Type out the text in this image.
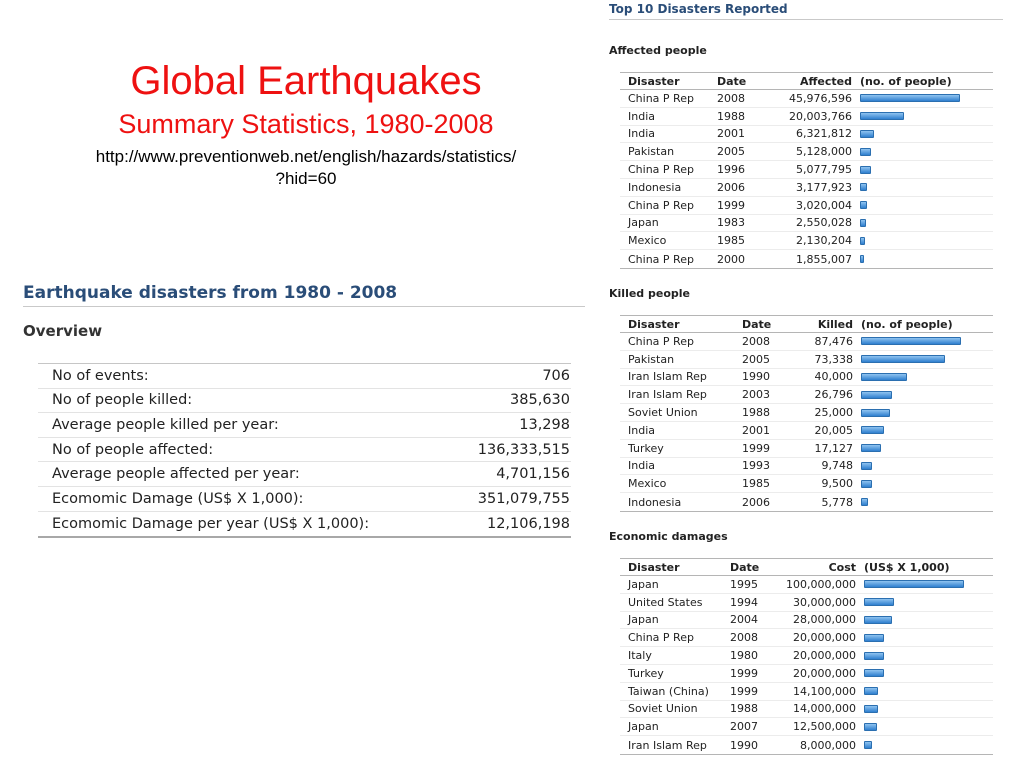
Global Earthquakes
Summary Statistics, 1980-2008
http://www.preventionweb.net/english/hazards/statistics/
?hid=60
Earthquake disasters from 1980 - 2008
Overview
No of events:	706
No of people killed:	385,630
Average people killed per year:	13,298
No of people affected:	136,333,515
Average people affected per year:	4,701,156
Ecomomic Damage (US$ X 1,000):	351,079,755
Ecomomic Damage per year (US$ X 1,000):	12,106,198
Top 10 Disasters Reported
Affected people
Disaster	Date	Affected (no. of people)
China P Rep	2008	45,976,596
India	1988	20,003,766
India	2001	6,321,812
Pakistan	2005	5,128,000
China P Rep	1996	5,077,795
Indonesia	2006	3,177,923
China P Rep	1999	3,020,004
Japan	1983	2,550,028
Mexico	1985	2,130,204
China P Rep	2000	1,855,007
Killed people
Disaster	Date	Killed (no. of people)
China P Rep	2008	87,476
Pakistan	2005	73,338
Iran Islam Rep	1990	40,000
Iran Islam Rep	2003	26,796
Soviet Union	1988	25,000
India	2001	20,005
Turkey	1999	17,127
India	1993	9,748
Mexico	1985	9,500
Indonesia	2006	5,778
Economic damages
Disaster	Date	Cost (US$ X 1,000)
Japan	1995	100,000,000
United States	1994	30,000,000
Japan	2004	28,000,000
China P Rep	2008	20,000,000
Italy	1980	20,000,000
Turkey	1999	20,000,000
Taiwan (China)	1999	14,100,000
Soviet Union	1988	14,000,000
Japan	2007	12,500,000
Iran Islam Rep	1990	8,000,000
